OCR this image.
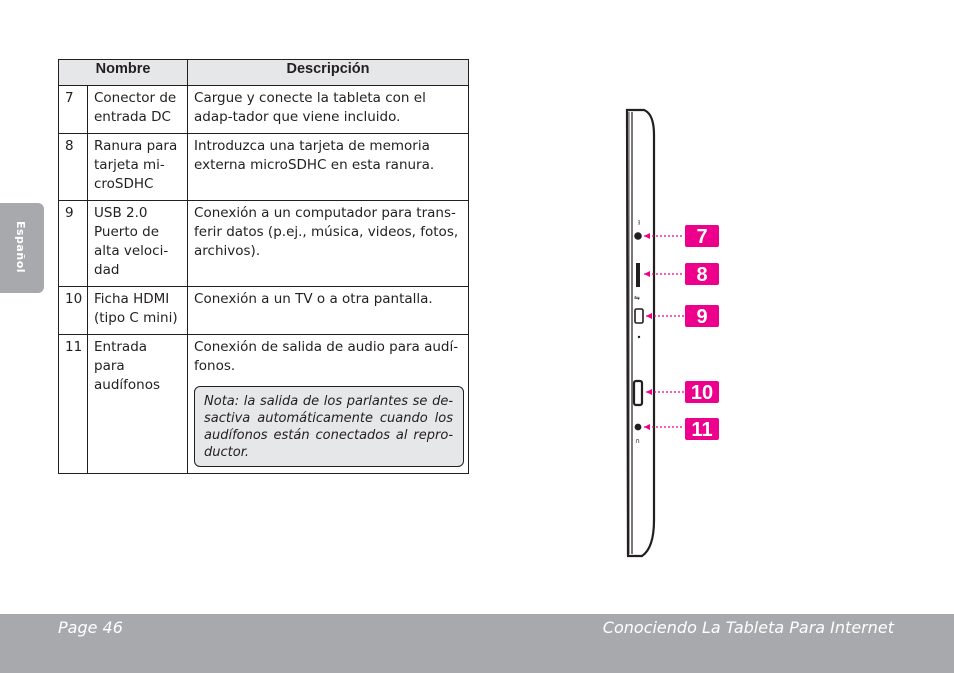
Español
Nombre		Descripción
7	Conector de entrada DC	Cargue y conecte la tableta con el adap-tador que viene incluido.
8	Ranura para tarjeta mi-croSDHC	Introduzca una tarjeta de memoria externa microSDHC en esta ranura.
9	USB 2.0 Puerto de alta veloci-dad	Conexión a un computador para trans-ferir datos (p.ej., música, videos, fotos, archivos).
10	Ficha HDMI (tipo C mini)	Conexión a un TV o a otra pantalla.
11	Entrada para audífonos	Conexión de salida de audio para audí-fonos.
Nota: la salida de los parlantes se de-sactiva automáticamente cuando los audífonos están conectados al repro-ductor.
⎓
⇋
∩
7
8
9
10
11
Page 46	Conociendo La Tableta Para Internet
